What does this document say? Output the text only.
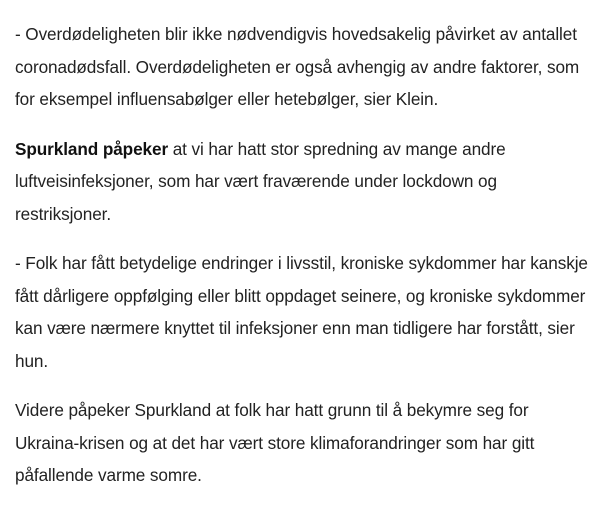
- Overdødeligheten blir ikke nødvendigvis hovedsakelig påvirket av antallet coronadødsfall. Overdødeligheten er også avhengig av andre faktorer, som for eksempel influensabølger eller hetebølger, sier Klein.

Spurkland påpeker at vi har hatt stor spredning av mange andre luftveisinfeksjoner, som har vært fraværende under lockdown og restriksjoner.

- Folk har fått betydelige endringer i livsstil, kroniske sykdommer har kanskje fått dårligere oppfølging eller blitt oppdaget seinere, og kroniske sykdommer kan være nærmere knyttet til infeksjoner enn man tidligere har forstått, sier hun.

Videre påpeker Spurkland at folk har hatt grunn til å bekymre seg for Ukraina-krisen og at det har vært store klimaforandringer som har gitt påfallende varme somre.
